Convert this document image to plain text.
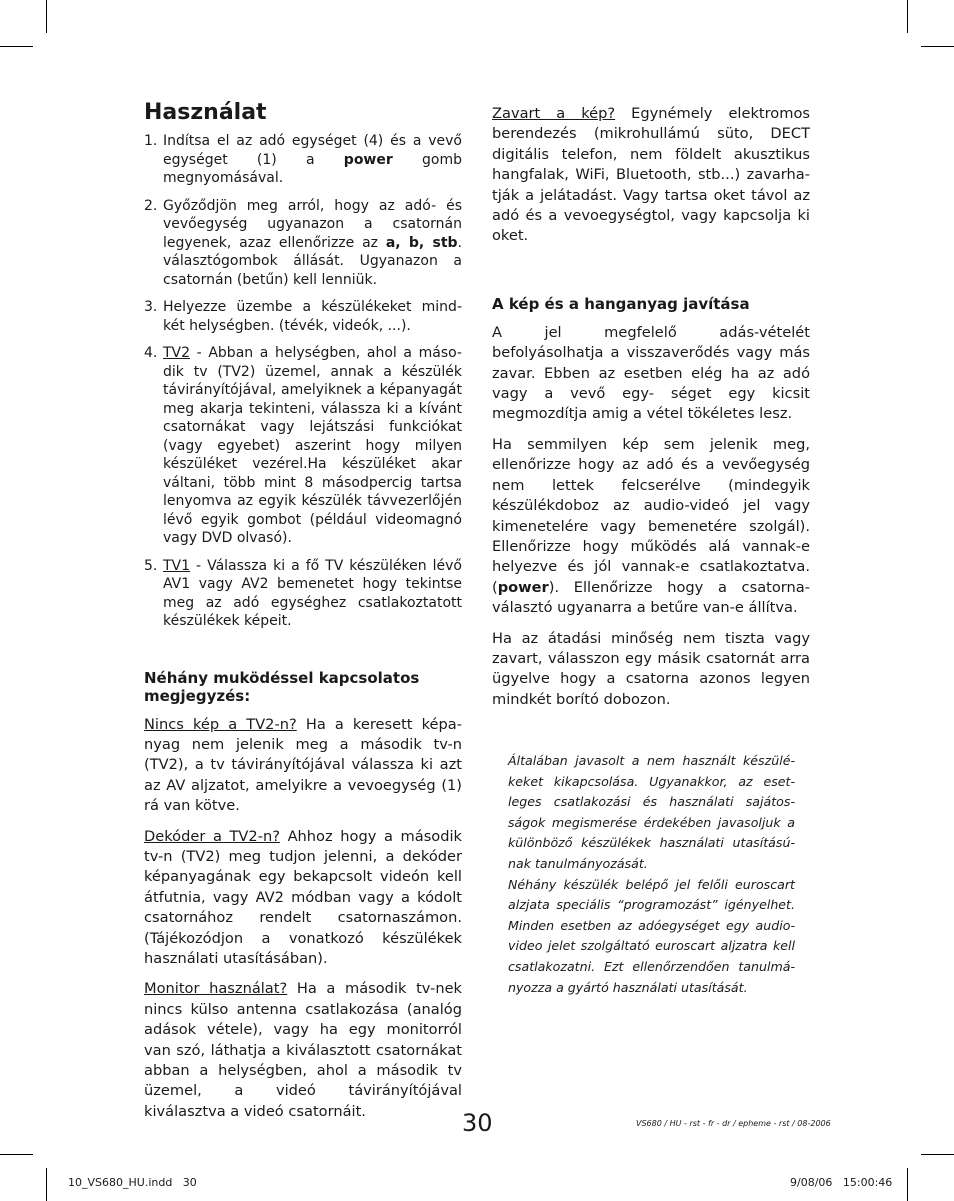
Használat
1. Indítsa el az adó egységet (4) és a vevő egységet (1) a power gomb megnyomásával.
2. Győződjön meg arról, hogy az adó- és vevőegység ugyanazon a csatornán legyenek, azaz ellenőrizze az a, b, stb. választógombok állását. Ugyanazon a csatornán (betűn) kell lenniük.
3. Helyezze üzembe a készülékeket mind- két helységben. (tévék, videók, ...).
4. TV2 - Abban a helységben, ahol a máso- dik tv (TV2) üzemel, annak a készülék távirányítójával, amelyiknek a képanyagát meg akarja tekinteni, válassza ki a kívánt csatornákat vagy lejátszási funkciókat (vagy egyebet) aszerint hogy milyen készüléket vezérel.Ha készüléket akar váltani, több mint 8 másodpercig tartsa lenyomva az egyik készülék távvezerlőjén lévő egyik gombot (például videomagnó vagy DVD olvasó).
5. TV1 - Válassza ki a fő TV készüléken lévő AV1 vagy AV2 bemenetet hogy tekintse meg az adó egységhez csatlakoztatott készülékek képeit.
Néhány muködéssel kapcsolatos megjegyzés:

Nincs kép a TV2-n? Ha a keresett képa- nyag nem jelenik meg a második tv-n (TV2), a tv távirányítójával válassza ki azt az AV aljzatot, amelyikre a vevoegység (1) rá van kötve.

Dekóder a TV2-n? Ahhoz hogy a második tv-n (TV2) meg tudjon jelenni, a dekóder képanyagának egy bekapcsolt videón kell átfutnia, vagy AV2 módban vagy a kódolt csatornához rendelt csatornaszámon. (Tájékozódjon a vonatkozó készülékek használati utasításában).

Monitor használat? Ha a második tv-nek nincs külso antenna csatlakozása (analóg adások vétele), vagy ha egy monitorról van szó, láthatja a kiválasztott csatornákat abban a helységben, ahol a második tv üzemel, a videó távirányítójával kiválasztva a videó csatornáit.

Zavart a kép? Egynémely elektromos berendezés (mikrohullámú süto, DECT digitális telefon, nem földelt akusztikus hangfalak, WiFi, Bluetooth, stb...) zavarha- tják a jelátadást. Vagy tartsa oket távol az adó és a vevoegységtol, vagy kapcsolja ki oket.

A kép és a hanganyag javítása

A jel megfelelő adás-vételét befolyásolhatja a visszaverődés vagy más zavar. Ebben az esetben elég ha az adó vagy a vevő egy- séget egy kicsit megmozdítja amig a vétel tökéletes lesz.

Ha semmilyen kép sem jelenik meg, ellenőrizze hogy az adó és a vevőegység nem lettek felcserélve (mindegyik készülékdoboz az audio-videó jel vagy kimenetelére vagy bemenetére szolgál). Ellenőrizze hogy működés alá vannak-e helyezve és jól vannak-e csatlakoztatva. (power). Ellenőrizze hogy a csatorna- választó ugyanarra a betűre van-e állítva.

Ha az átadási minőség nem tiszta vagy zavart, válasszon egy másik csatornát arra ügyelve hogy a csatorna azonos legyen mindkét borító dobozon.

Általában javasolt a nem használt készülé- keket kikapcsolása. Ugyanakkor, az eset- leges csatlakozási és használati sajátos- ságok megismerése érdekében javasoljuk a különböző készülékek használati utasítású- nak tanulmányozását.

Néhány készülék belépő jel felőli euroscart alzjata speciális “programozást” igényelhet. Minden esetben az adóegységet egy audio- video jelet szolgáltató euroscart aljzatra kell csatlakozatni. Ezt ellenőrzendően tanulmá- nyozza a gyártó használati utasítását.

30	VS680 / HU - rst - fr - dr / epheme - rst / 08-2006
10_VS680_HU.indd   30	9/08/06   15:00:46
